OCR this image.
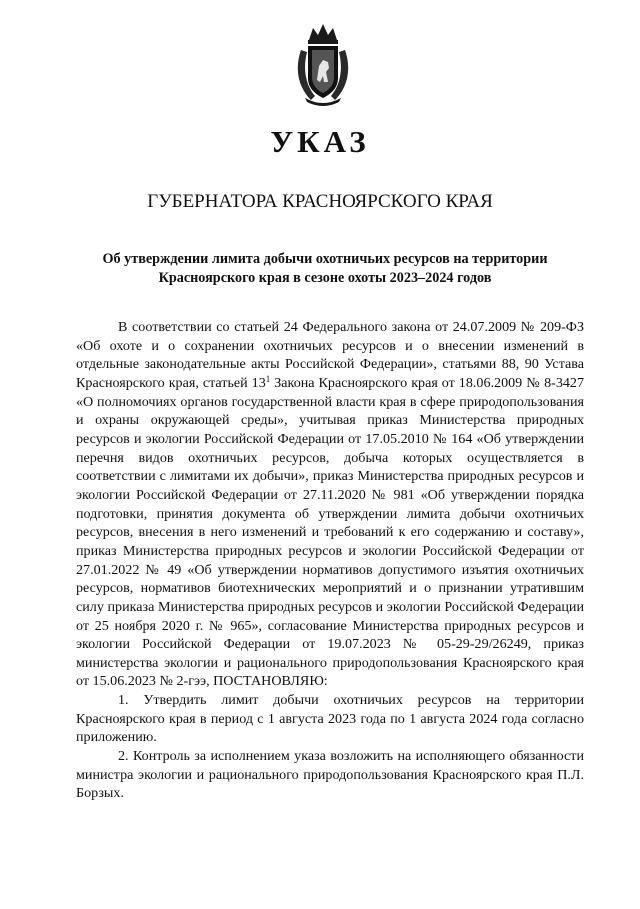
УКАЗ
ГУБЕРНАТОРА КРАСНОЯРСКОГО КРАЯ
Об утверждении лимита добычи охотничьих ресурсов на территории Красноярского края в сезоне охоты 2023–2024 годов

В соответствии со статьей 24 Федерального закона от 24.07.2009 № 209-ФЗ «Об охоте и о сохранении охотничьих ресурсов и о внесении изменений в отдельные законодательные акты Российской Федерации», статьями 88, 90 Устава Красноярского края, статьей $13^1$ Закона Красноярского края от 18.06.2009 № 8-3427 «О полномочиях органов государственной власти края в сфере природопользования и охраны окружающей среды», учитывая приказ Министерства природных ресурсов и экологии Российской Федерации от 17.05.2010 № 164 «Об утверждении перечня видов охотничьих ресурсов, добыча которых осуществляется в соответствии с лимитами их добычи», приказ Министерства природных ресурсов и экологии Российской Федерации от 27.11.2020 № 981 «Об утверждении порядка подготовки, принятия документа об утверждении лимита добычи охотничьих ресурсов, внесения в него изменений и требований к его содержанию и составу», приказ Министерства природных ресурсов и экологии Российской Федерации от 27.01.2022 № 49 «Об утверждении нормативов допустимого изъятия охотничьих ресурсов, нормативов биотехнических мероприятий и о признании утратившим силу приказа Министерства природных ресурсов и экологии Российской Федерации от 25 ноября 2020 г. № 965», согласование Министерства природных ресурсов и экологии Российской Федерации от 19.07.2023 № 05-29-29/26249, приказ министерства экологии и рационального природопользования Красноярского края от 15.06.2023 № 2-гээ, ПОСТАНОВЛЯЮ:

1. Утвердить лимит добычи охотничьих ресурсов на территории Красноярского края в период с 1 августа 2023 года по 1 августа 2024 года согласно приложению.

2. Контроль за исполнением указа возложить на исполняющего обязанности министра экологии и рационального природопользования Красноярского края П.Л. Борзых.
